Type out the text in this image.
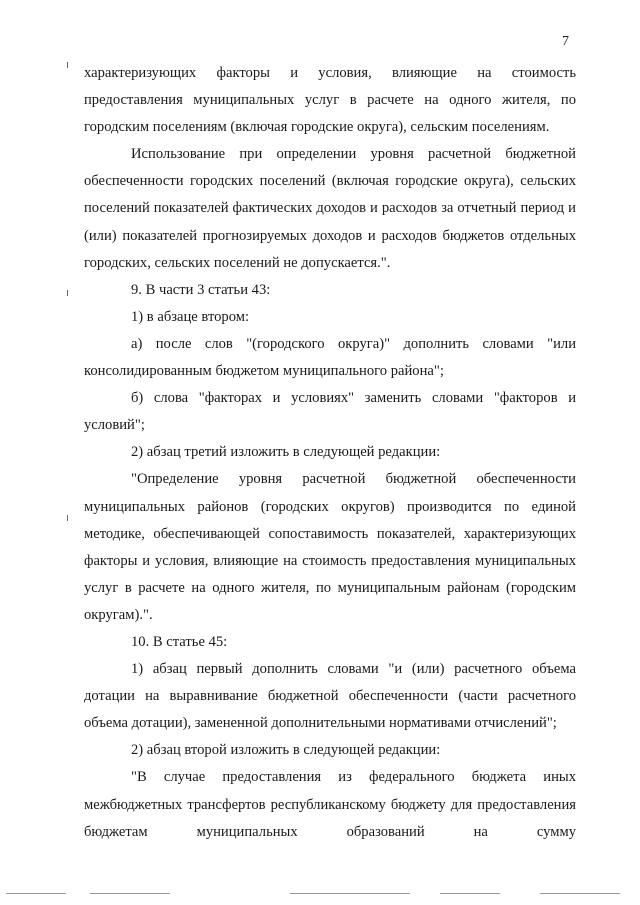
7

характеризующих факторы и условия, влияющие на стоимость предоставления муниципальных услуг в расчете на одного жителя, по городским поселениям (включая городские округа), сельским поселениям.

Использование при определении уровня расчетной бюджетной обеспеченности городских поселений (включая городские округа), сельских поселений показателей фактических доходов и расходов за отчетный период и (или) показателей прогнозируемых доходов и расходов бюджетов отдельных городских, сельских поселений не допускается.".

9. В части 3 статьи 43:

1) в абзаце втором:

а) после слов "(городского округа)" дополнить словами "или консолидированным бюджетом муниципального района";

б) слова "факторах и условиях" заменить словами "факторов и условий";

2) абзац третий изложить в следующей редакции:

"Определение уровня расчетной бюджетной обеспеченности муниципальных районов (городских округов) производится по единой методике, обеспечивающей сопоставимость показателей, характеризующих факторы и условия, влияющие на стоимость предоставления муниципальных услуг в расчете на одного жителя, по муниципальным районам (городским округам).".

10. В статье 45:

1) абзац первый дополнить словами "и (или) расчетного объема дотации на выравнивание бюджетной обеспеченности (части расчетного объема дотации), замененной дополнительными нормативами отчислений";

2) абзац второй изложить в следующей редакции:

"В случае предоставления из федерального бюджета иных межбюджетных трансфертов республиканскому бюджету для предоставления бюджетам муниципальных образований на сумму
